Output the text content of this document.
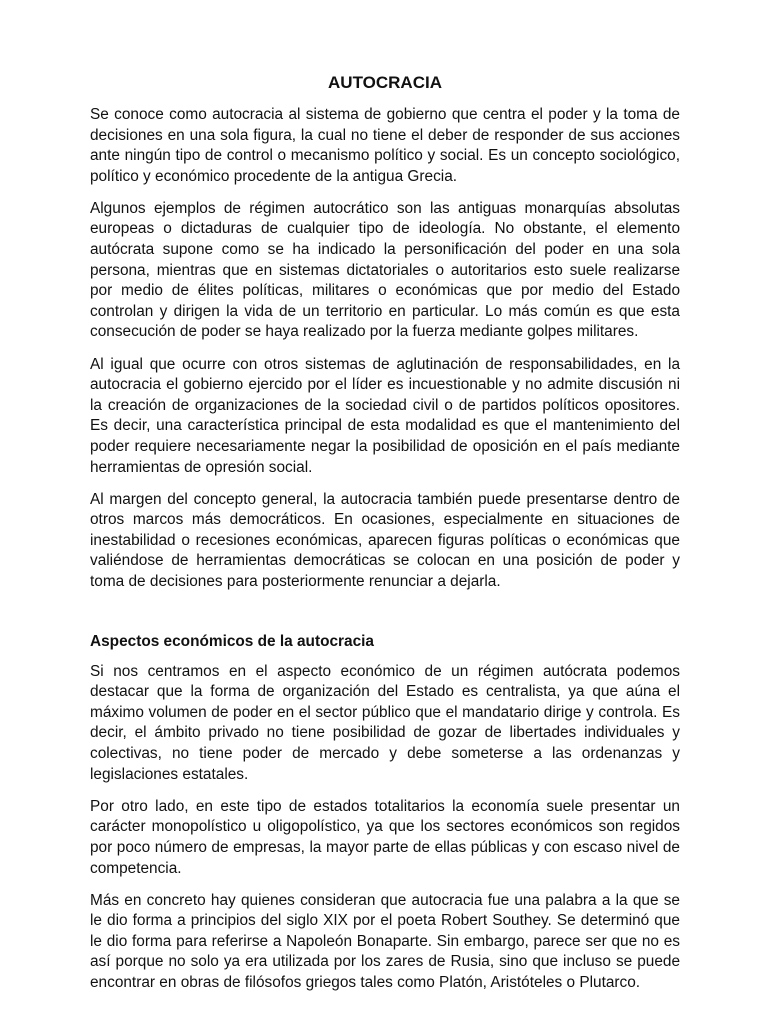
AUTOCRACIA

Se conoce como autocracia al sistema de gobierno que centra el poder y la toma de decisiones en una sola figura, la cual no tiene el deber de responder de sus acciones ante ningún tipo de control o mecanismo político y social. Es un concepto sociológico, político y económico procedente de la antigua Grecia.

Algunos ejemplos de régimen autocrático son las antiguas monarquías absolutas europeas o dictaduras de cualquier tipo de ideología. No obstante, el elemento autócrata supone como se ha indicado la personificación del poder en una sola persona, mientras que en sistemas dictatoriales o autoritarios esto suele realizarse por medio de élites políticas, militares o económicas que por medio del Estado controlan y dirigen la vida de un territorio en particular. Lo más común es que esta consecución de poder se haya realizado por la fuerza mediante golpes militares.

Al igual que ocurre con otros sistemas de aglutinación de responsabilidades, en la autocracia el gobierno ejercido por el líder es incuestionable y no admite discusión ni la creación de organizaciones de la sociedad civil o de partidos políticos opositores. Es decir, una característica principal de esta modalidad es que el mantenimiento del poder requiere necesariamente negar la posibilidad de oposición en el país mediante herramientas de opresión social.

Al margen del concepto general, la autocracia también puede presentarse dentro de otros marcos más democráticos. En ocasiones, especialmente en situaciones de inestabilidad o recesiones económicas, aparecen figuras políticas o económicas que valiéndose de herramientas democráticas se colocan en una posición de poder y toma de decisiones para posteriormente renunciar a dejarla.

Aspectos económicos de la autocracia

Si nos centramos en el aspecto económico de un régimen autócrata podemos destacar que la forma de organización del Estado es centralista, ya que aúna el máximo volumen de poder en el sector público que el mandatario dirige y controla. Es decir, el ámbito privado no tiene posibilidad de gozar de libertades individuales y colectivas, no tiene poder de mercado y debe someterse a las ordenanzas y legislaciones estatales.

Por otro lado, en este tipo de estados totalitarios la economía suele presentar un carácter monopolístico u oligopolístico, ya que los sectores económicos son regidos por poco número de empresas, la mayor parte de ellas públicas y con escaso nivel de competencia.

Más en concreto hay quienes consideran que autocracia fue una palabra a la que se le dio forma a principios del siglo XIX por el poeta Robert Southey. Se determinó que le dio forma para referirse a Napoleón Bonaparte. Sin embargo, parece ser que no es así porque no solo ya era utilizada por los zares de Rusia, sino que incluso se puede encontrar en obras de filósofos griegos tales como Platón, Aristóteles o Plutarco.
